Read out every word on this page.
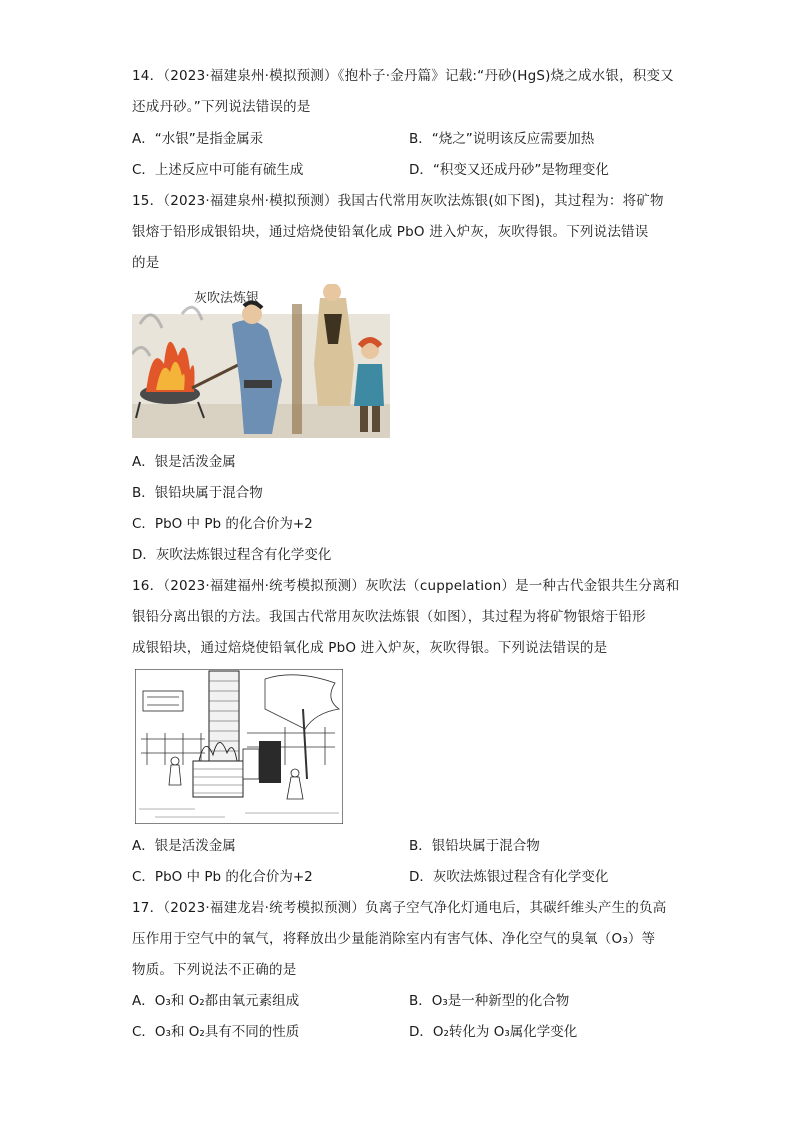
14．（2023·福建泉州·模拟预测）《抱朴子·金丹篇》记载:“丹砂(HgS)烧之成水银，积变又
还成丹砂。”下列说法错误的是
A．“水银”是指金属汞	B．“烧之”说明该反应需要加热
C．上述反应中可能有硫生成	D．“积变又还成丹砂”是物理变化
15．（2023·福建泉州·模拟预测）我国古代常用灰吹法炼银(如下图)，其过程为：将矿物
银熔于铅形成银铅块，通过焙烧使铅氧化成 PbO 进入炉灰，灰吹得银。下列说法错误
的是
灰吹法炼银
A．银是活泼金属
B．银铅块属于混合物
C．PbO 中 Pb 的化合价为+2
D．灰吹法炼银过程含有化学变化
16．（2023·福建福州·统考模拟预测）灰吹法（cuppelation）是一种古代金银共生分离和
银铅分离出银的方法。我国古代常用灰吹法炼银（如图），其过程为将矿物银熔于铅形
成银铅块，通过焙烧使铅氧化成 PbO 进入炉灰，灰吹得银。下列说法错误的是
A．银是活泼金属	B．银铅块属于混合物
C．PbO 中 Pb 的化合价为+2	D．灰吹法炼银过程含有化学变化
17．（2023·福建龙岩·统考模拟预测）负离子空气净化灯通电后，其碳纤维头产生的负高
压作用于空气中的氧气，将释放出少量能消除室内有害气体、净化空气的臭氧（O₃）等
物质。下列说法不正确的是
A．O₃和 O₂都由氧元素组成	B．O₃是一种新型的化合物
C．O₃和 O₂具有不同的性质	D．O₂转化为 O₃属化学变化
